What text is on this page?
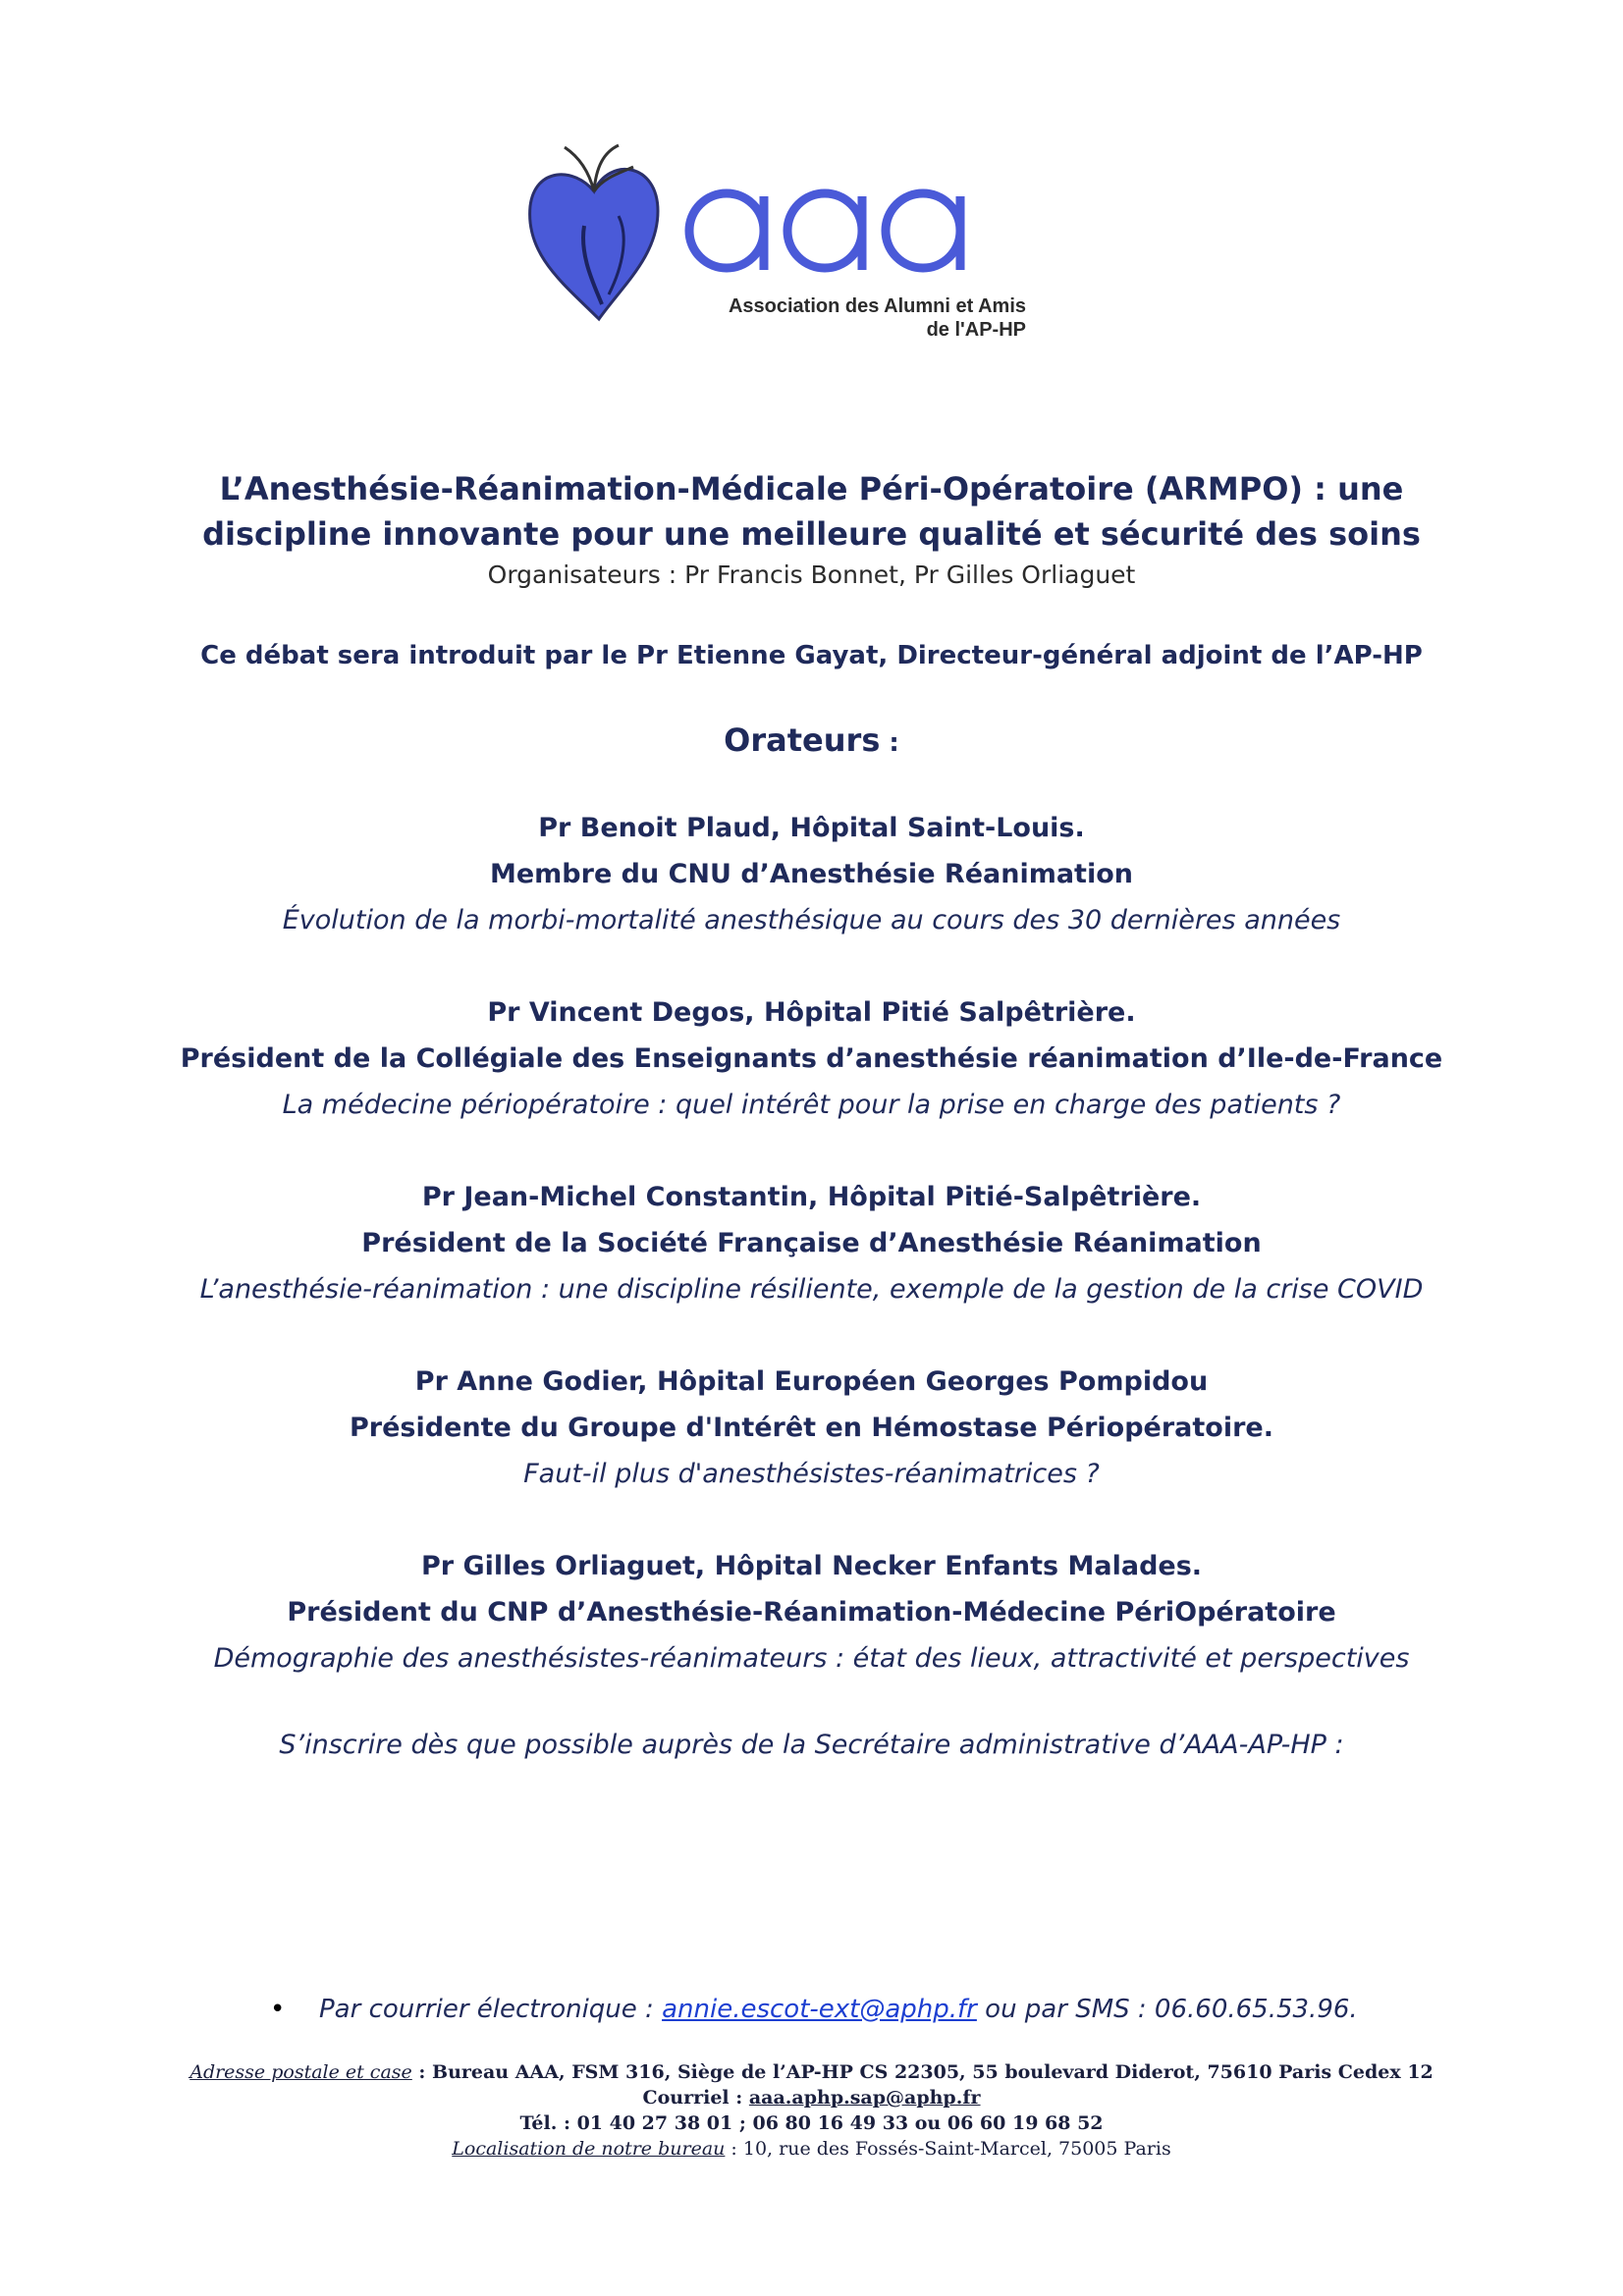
Association des Alumni et Amis
de l'AP-HP
L’Anesthésie-Réanimation-Médicale Péri-Opératoire (ARMPO) : une
discipline innovante pour une meilleure qualité et sécurité des soins
Organisateurs : Pr Francis Bonnet, Pr Gilles Orliaguet
Ce débat sera introduit par le Pr Etienne Gayat, Directeur-général adjoint de l’AP-HP
Orateurs :
Pr Benoit Plaud, Hôpital Saint-Louis.
Membre du CNU d’Anesthésie Réanimation
Évolution de la morbi-mortalité anesthésique au cours des 30 dernières années
Pr Vincent Degos, Hôpital Pitié Salpêtrière.
Président de la Collégiale des Enseignants d’anesthésie réanimation d’Ile-de-France
La médecine périopératoire : quel intérêt pour la prise en charge des patients ?
Pr Jean-Michel Constantin, Hôpital Pitié-Salpêtrière.
Président de la Société Française d’Anesthésie Réanimation
L’anesthésie-réanimation : une discipline résiliente, exemple de la gestion de la crise COVID
Pr Anne Godier, Hôpital Européen Georges Pompidou
Présidente du Groupe d'Intérêt en Hémostase Périopératoire.
Faut-il plus d'anesthésistes-réanimatrices ?
Pr Gilles Orliaguet, Hôpital Necker Enfants Malades.
Président du CNP d’Anesthésie-Réanimation-Médecine PériOpératoire
Démographie des anesthésistes-réanimateurs : état des lieux, attractivité et perspectives
S’inscrire dès que possible auprès de la Secrétaire administrative d’AAA-AP-HP :
• Par courrier électronique : annie.escot-ext@aphp.fr ou par SMS : 06.60.65.53.96.
Adresse postale et case : Bureau AAA, FSM 316, Siège de l’AP-HP CS 22305, 55 boulevard Diderot, 75610 Paris Cedex 12
Courriel : aaa.aphp.sap@aphp.fr
Tél. : 01 40 27 38 01 ; 06 80 16 49 33 ou 06 60 19 68 52
Localisation de notre bureau : 10, rue des Fossés-Saint-Marcel, 75005 Paris
